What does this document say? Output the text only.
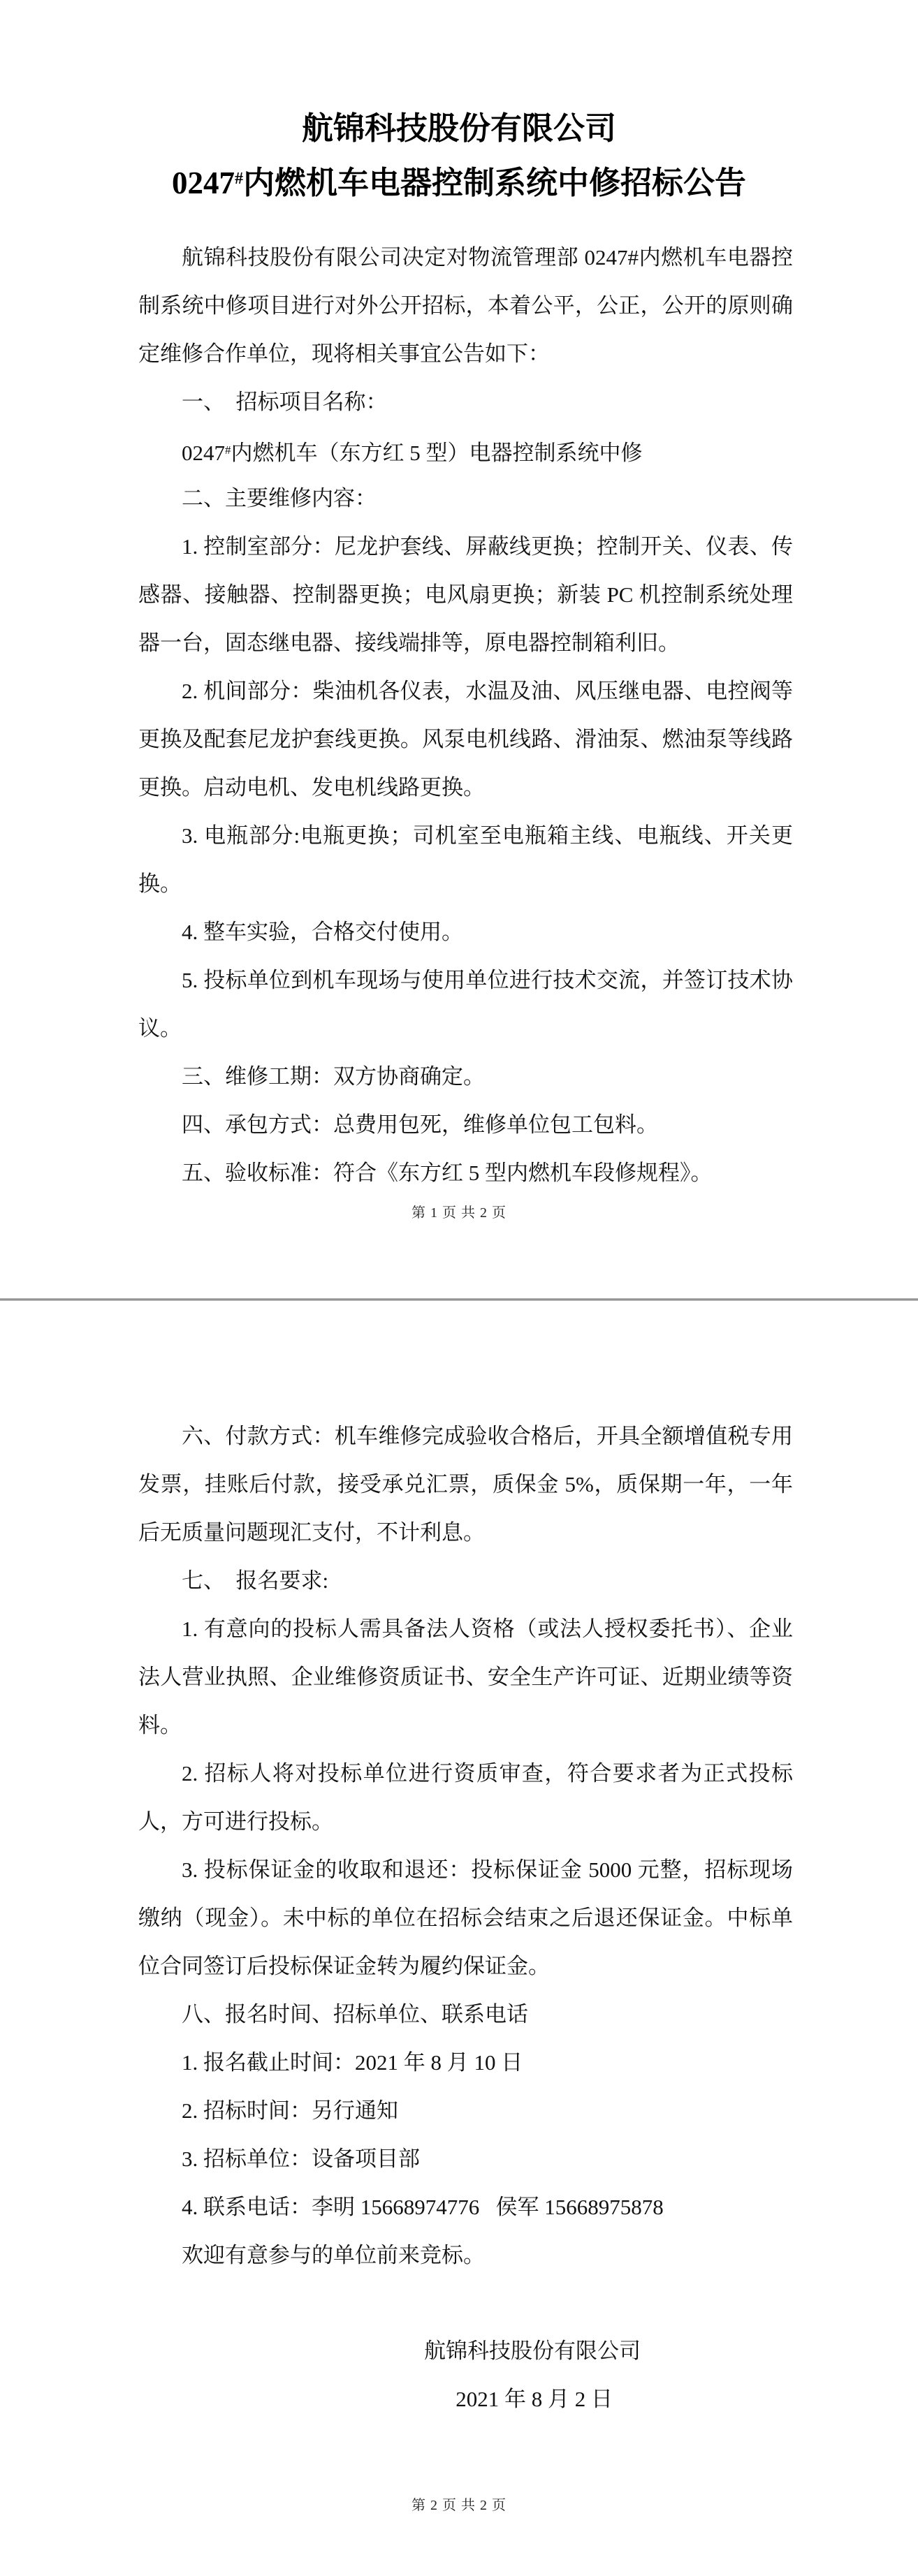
航锦科技股份有限公司
0247#内燃机车电器控制系统中修招标公告
航锦科技股份有限公司决定对物流管理部 0247#内燃机车电器控
制系统中修项目进行对外公开招标，本着公平，公正，公开的原则确
定维修合作单位，现将相关事宜公告如下：
一、 招标项目名称：
0247#内燃机车（东方红 5 型）电器控制系统中修
二、主要维修内容：
1. 控制室部分：尼龙护套线、屏蔽线更换；控制开关、仪表、传
感器、接触器、控制器更换；电风扇更换；新装 PC 机控制系统处理
器一台，固态继电器、接线端排等，原电器控制箱利旧。
2. 机间部分：柴油机各仪表，水温及油、风压继电器、电控阀等
更换及配套尼龙护套线更换。风泵电机线路、滑油泵、燃油泵等线路
更换。启动电机、发电机线路更换。
3. 电瓶部分:电瓶更换；司机室至电瓶箱主线、电瓶线、开关更
换。
4. 整车实验，合格交付使用。
5. 投标单位到机车现场与使用单位进行技术交流，并签订技术协
议。
三、维修工期：双方协商确定。
四、承包方式：总费用包死，维修单位包工包料。
五、验收标准：符合《东方红 5 型内燃机车段修规程》。
第 1 页 共 2 页
六、付款方式：机车维修完成验收合格后，开具全额增值税专用
发票，挂账后付款，接受承兑汇票，质保金 5%，质保期一年，一年
后无质量问题现汇支付，不计利息。
七、 报名要求:
1. 有意向的投标人需具备法人资格（或法人授权委托书）、企业
法人营业执照、企业维修资质证书、安全生产许可证、近期业绩等资
料。
2. 招标人将对投标单位进行资质审查，符合要求者为正式投标
人，方可进行投标。
3. 投标保证金的收取和退还：投标保证金 5000 元整，招标现场
缴纳（现金）。未中标的单位在招标会结束之后退还保证金。中标单
位合同签订后投标保证金转为履约保证金。
八、报名时间、招标单位、联系电话
1. 报名截止时间：2021 年 8 月 10 日
2. 招标时间：另行通知
3. 招标单位：设备项目部
4. 联系电话：李明 15668974776  侯军 15668975878
欢迎有意参与的单位前来竞标。
航锦科技股份有限公司
2021 年 8 月 2 日
第 2 页 共 2 页
